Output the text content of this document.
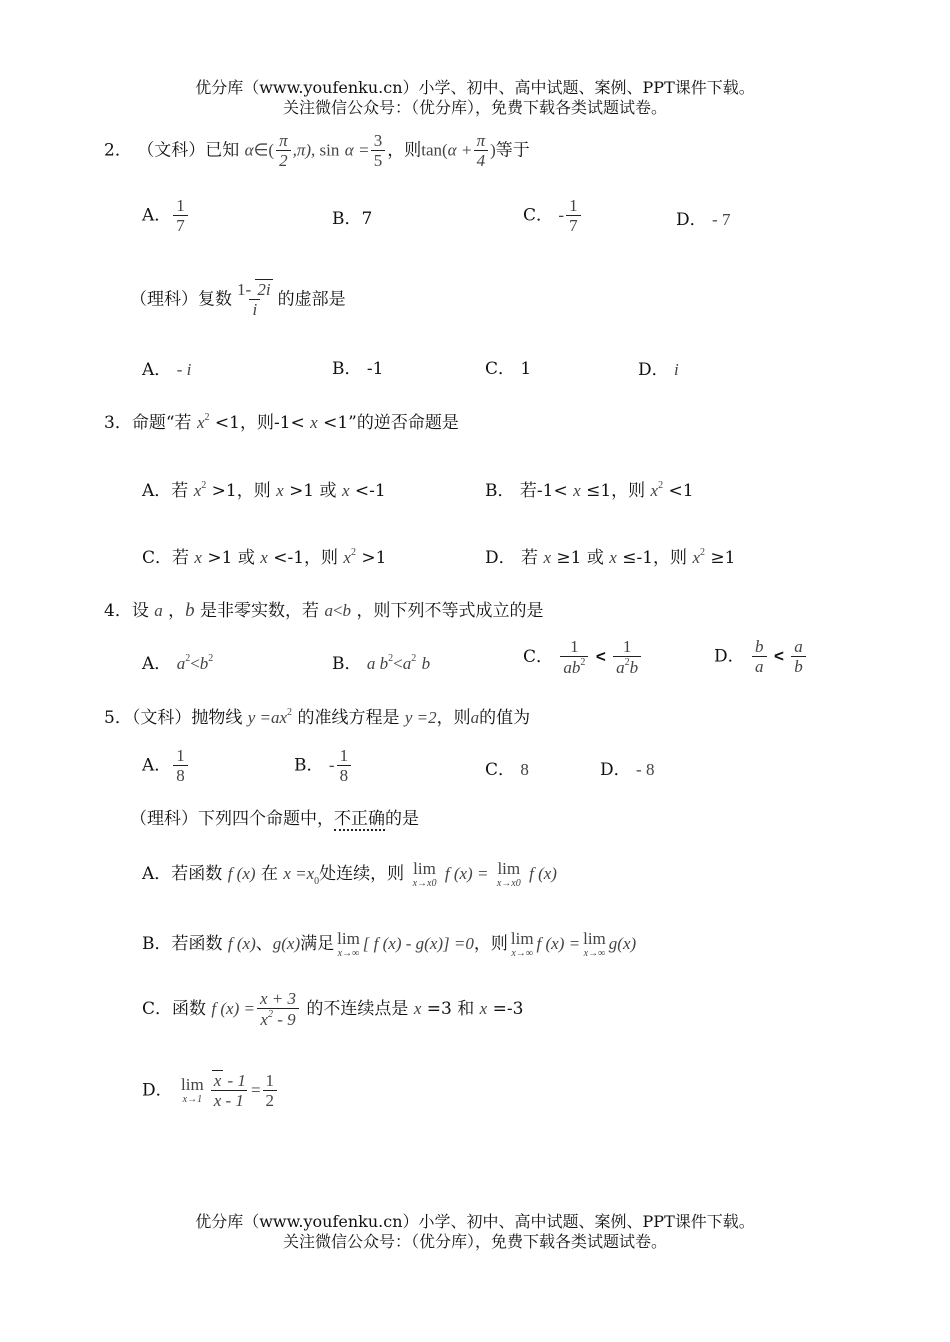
优分库（www.youfenku.cn）小学、初中、高中试题、案例、PPT课件下载。
关注微信公众号：（优分库），免费下载各类试题试卷。
2． （文科）已知 α∈( $\frac{\pi}{2} ,\pi$), $\sin \alpha = \frac{3}{5}$ ，则$\tan(\alpha + \frac{\pi}{4}$ )等于
A． $\frac{1}{7}$	B．7	C． - $\frac{1}{7}$	D． - 7
（理科）复数 $\frac{1- 2i}{i}$ 的虚部是
A． - i	B． -1	C． 1	D． i
3．命题“若 $x^2 <1$，则-1< x <1”的逆否命题是
A．若 $x^2 >1$，则 x >1 或 x <-1	B． 若-1< x ≤1，则 $x^2 <1$
C．若 x >1 或 x <-1，则 $x^2 >1$	D． 若 x ≥1 或 x ≤-1，则 $x^2 \ge 1$
4．设 a ，b 是非零实数，若 a<b ，则下列不等式成立的是
A． $a^2<b^2$	B． a $b^2<a^2$ b	C． $\frac{1}{ab^2} < \frac{1}{a^2b}$	D． $\frac{b}{a} < \frac{a}{b}$
5．（文科）抛物线 $y =ax^2$ 的准线方程是 y =2，则a的值为
A． $\frac{1}{8}$	B． - $\frac{1}{8}$	C． 8	D． - 8
（理科）下列四个命题中，不正确的是
A．若函数 f (x) 在 $x =x_0$处连续，则 lim
x→x0
f (x) = lim
x→x0
f (x)
B．若函数 f (x)、g(x)满足 lim
x→∞
[ f (x) - g(x)] =0，则 lim
x→∞
f (x) = lim
x→∞
g(x)
C．函数 f $(x) = \frac{x + 3}{x^2 - 9}$ 的不连续点是 x =3 和 x =-3
D． lim
$x\to 1 \frac{x - 1}{x - 1} = \frac{1}{2}$
优分库（www.youfenku.cn）小学、初中、高中试题、案例、PPT课件下载。
关注微信公众号：（优分库），免费下载各类试题试卷。
